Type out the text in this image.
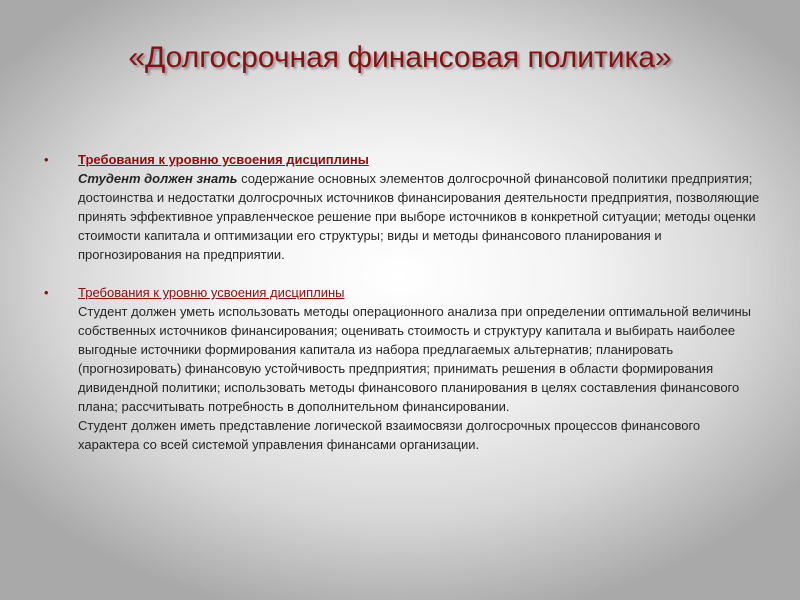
«Долгосрочная финансовая политика»
• Требования к уровню усвоения дисциплины
Студент должен знать содержание основных элементов долгосрочной финансовой политики предприятия; достоинства и недостатки долгосрочных источников финансирования деятельности предприятия, позволяющие принять эффективное управленческое решение при выборе источников в конкретной ситуации; методы оценки стоимости капитала и оптимизации его структуры; виды и методы финансового планирования и прогнозирования на предприятии.
• Требования к уровню усвоения дисциплины
Студент должен уметь использовать методы операционного анализа при определении оптимальной величины собственных источников финансирования; оценивать стоимость и структуру капитала и выбирать наиболее выгодные источники формирования капитала из набора предлагаемых альтернатив; планировать (прогнозировать) финансовую устойчивость предприятия; принимать решения в области формирования дивидендной политики; использовать методы финансового планирования в целях составления финансового плана; рассчитывать потребность в дополнительном финансировании.
Студент должен иметь представление логической взаимосвязи долгосрочных процессов финансового характера со всей системой управления финансами организации.
